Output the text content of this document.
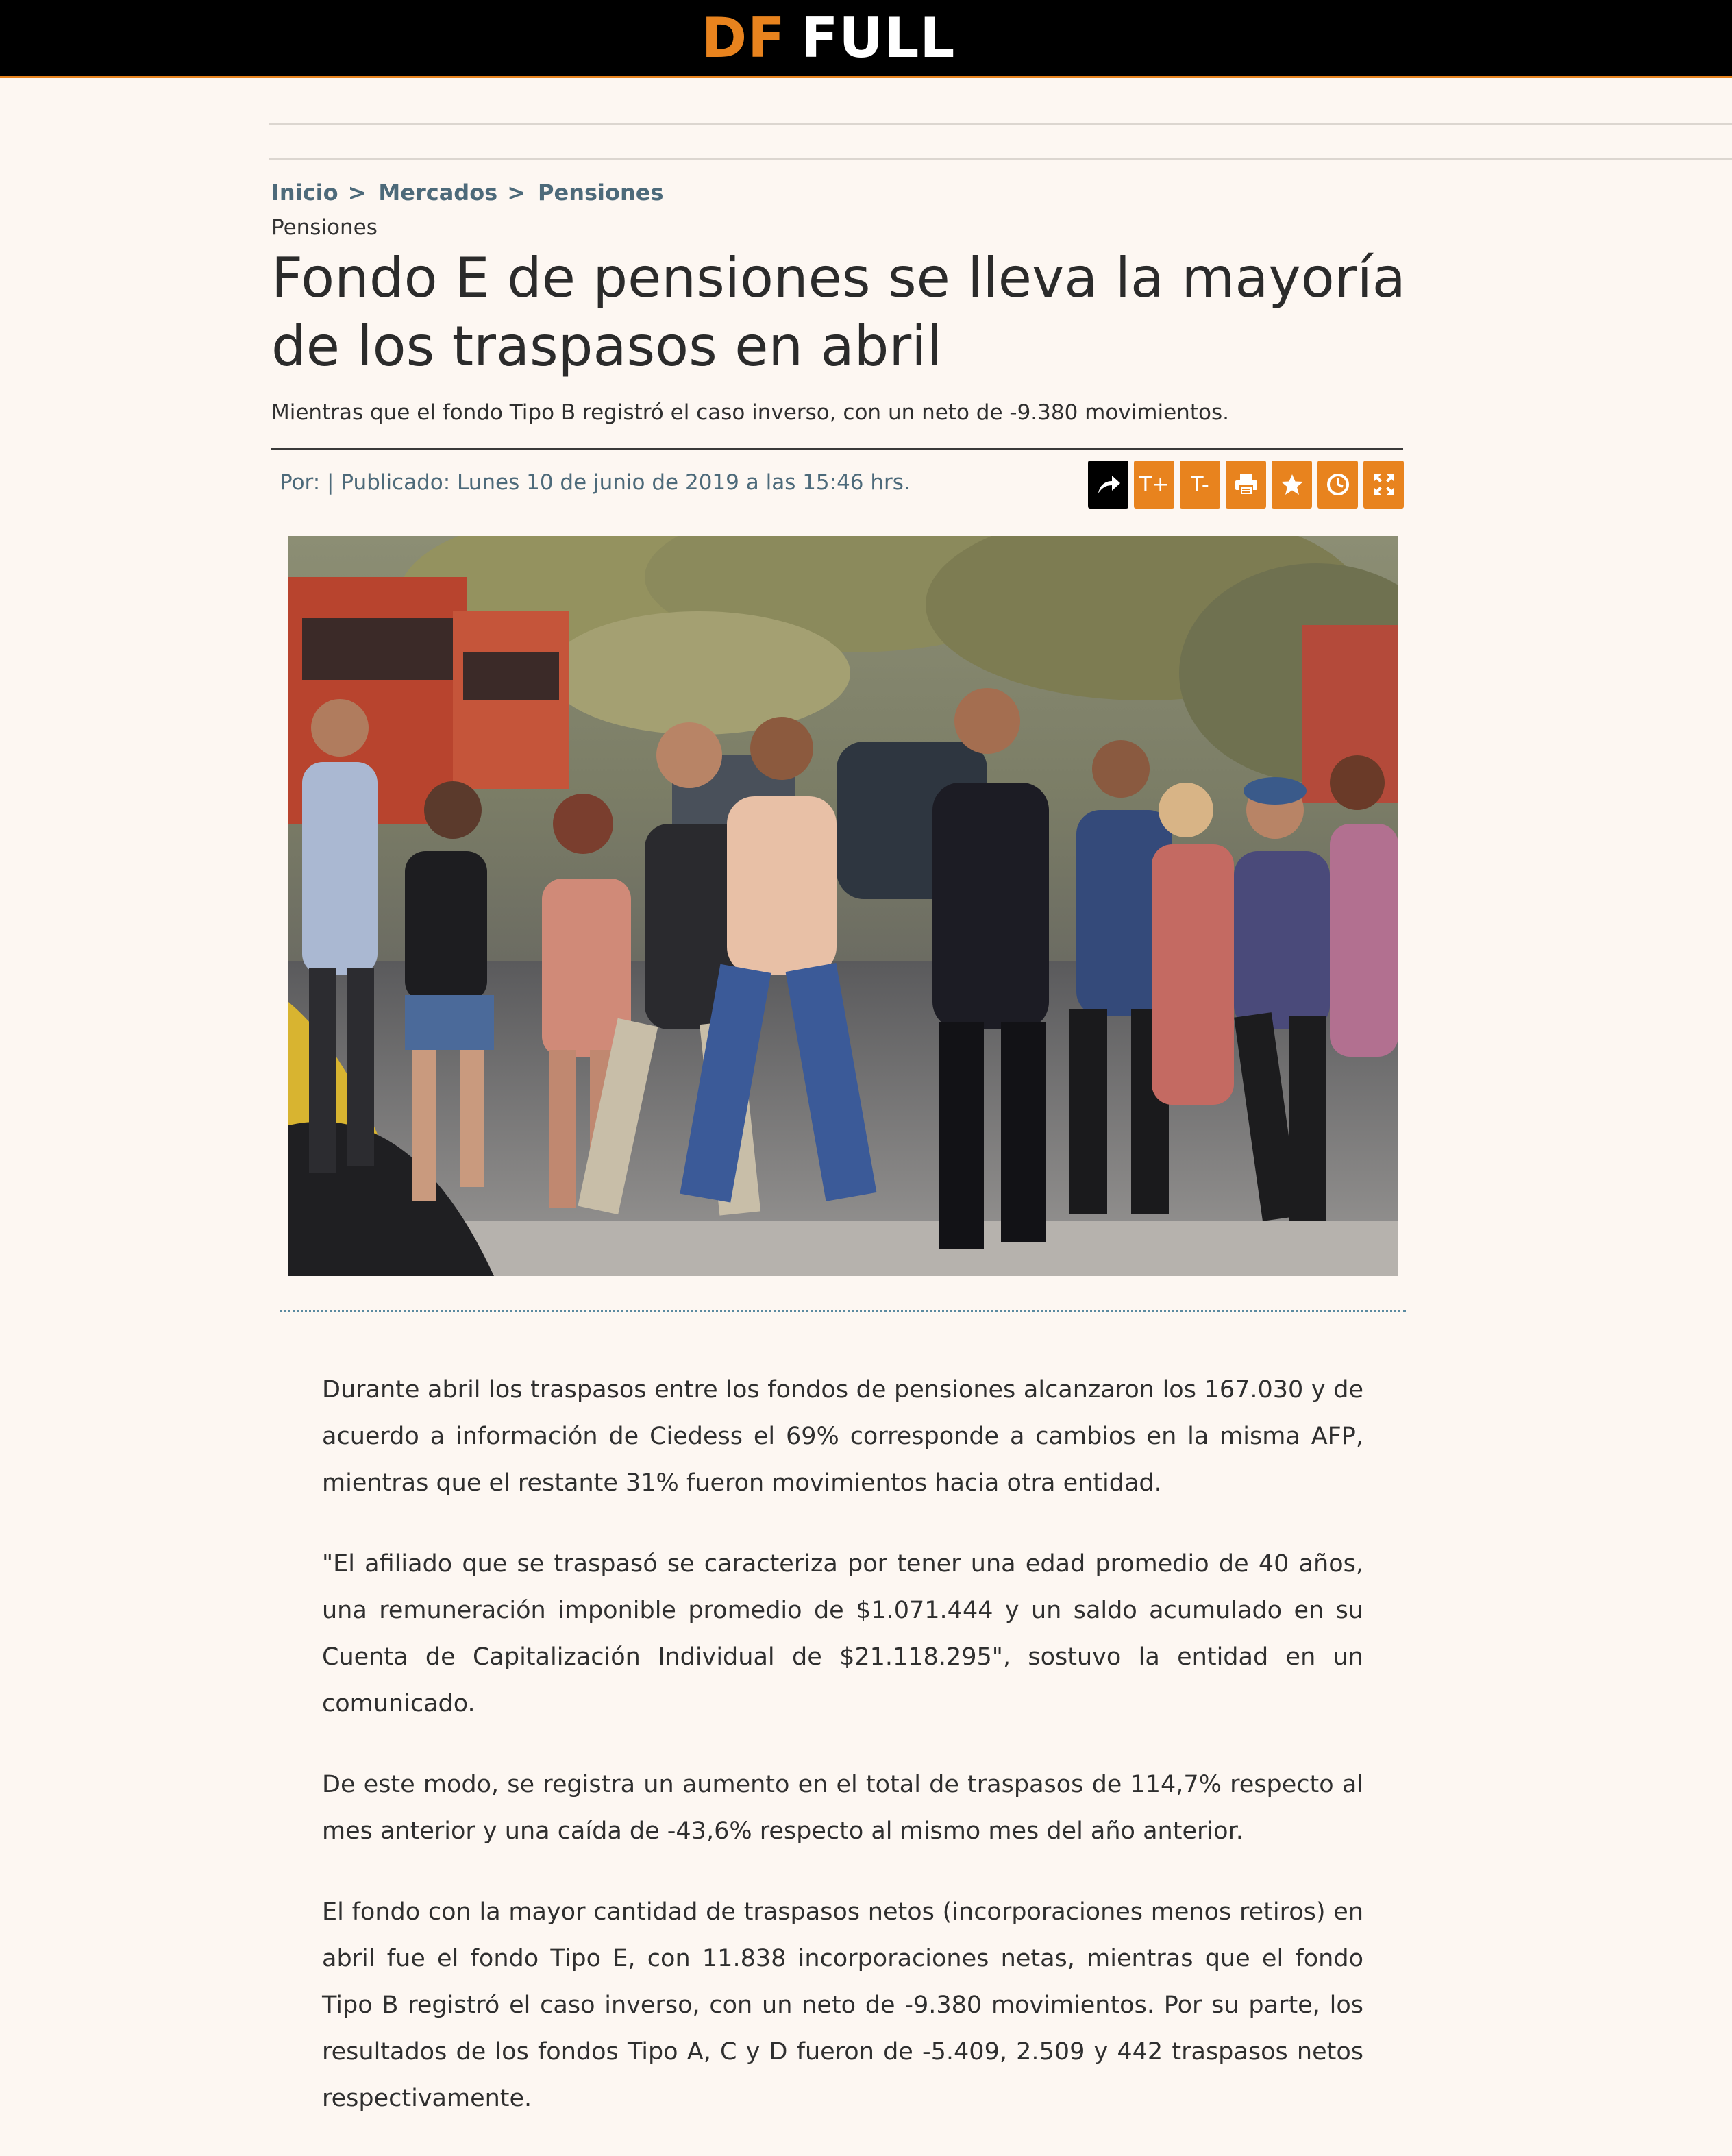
DF FULL
Inicio > Mercados > Pensiones
Pensiones
Fondo E de pensiones se lleva la mayoría de los traspasos en abril
Mientras que el fondo Tipo B registró el caso inverso, con un neto de -9.380 movimientos.
Por: | Publicado: Lunes 10 de junio de 2019 a las 15:46 hrs.	T+	T-

Durante abril los traspasos entre los fondos de pensiones alcanzaron los 167.030 y de acuerdo a información de Ciedess el 69% corresponde a cambios en la misma AFP, mientras que el restante 31% fueron movimientos hacia otra entidad.

"El afiliado que se traspasó se caracteriza por tener una edad promedio de 40 años, una remuneración imponible promedio de $1.071.444 y un saldo acumulado en su Cuenta de Capitalización Individual de $21.118.295", sostuvo la entidad en un comunicado.

De este modo, se registra un aumento en el total de traspasos de 114,7% respecto al mes anterior y una caída de -43,6% respecto al mismo mes del año anterior.

El fondo con la mayor cantidad de traspasos netos (incorporaciones menos retiros) en abril fue el fondo Tipo E, con 11.838 incorporaciones netas, mientras que el fondo Tipo B registró el caso inverso, con un neto de -9.380 movimientos. Por su parte, los resultados de los fondos Tipo A, C y D fueron de -5.409, 2.509 y 442 traspasos netos respectivamente.
